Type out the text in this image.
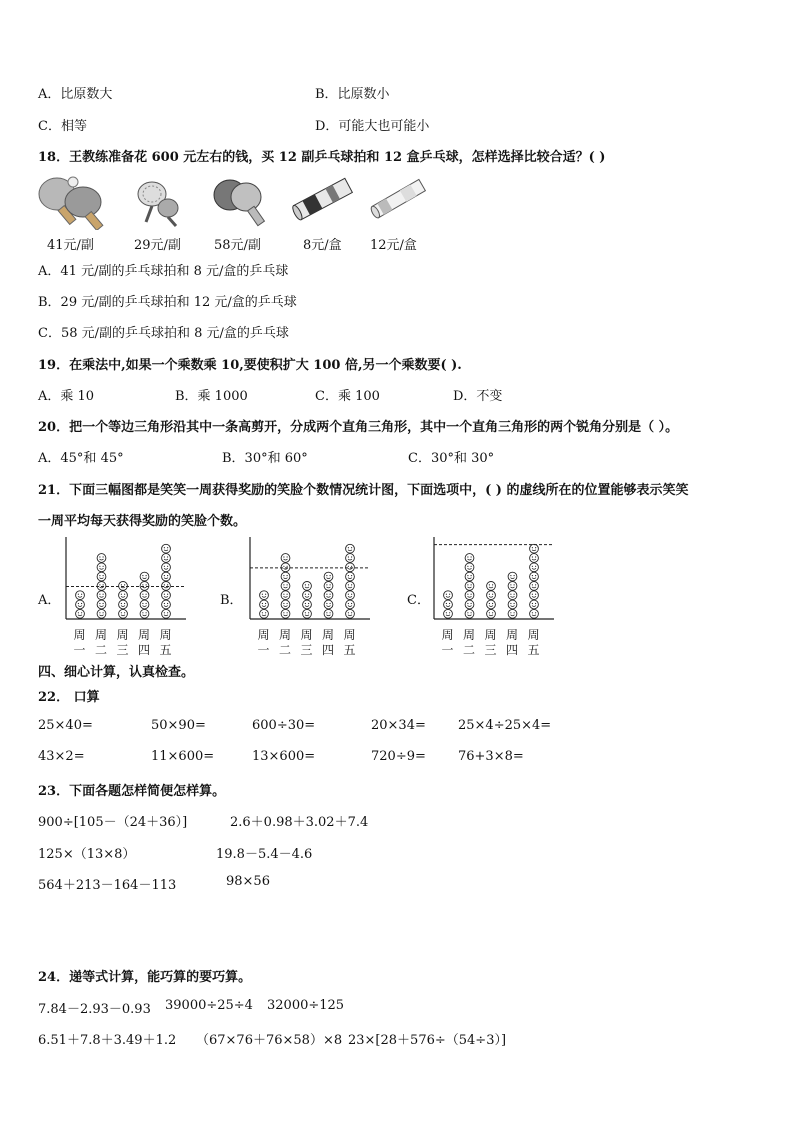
A．比原数大	B．比原数小
C．相等	D．可能大也可能小
18．王教练准备花 600 元左右的钱，买 12 副乒乓球拍和 12 盒乒乓球，怎样选择比较合适？( )
41元/副	29元/副	58元/副	8元/盒 12元/盒
A．41 元/副的乒乓球拍和 8 元/盒的乒乓球
B．29 元/副的乒乓球拍和 12 元/盒的乒乓球
C．58 元/副的乒乓球拍和 8 元/盒的乒乓球
19．在乘法中,如果一个乘数乘 10,要使积扩大 100 倍,另一个乘数要( ).
A．乘 10	B．乘 1000	C．乘 100	D．不变
20．把一个等边三角形沿其中一条高剪开，分成两个直角三角形，其中一个直角三角形的两个锐角分别是（ ）。
A．45°和 45°	B．30°和 60°	C．30°和 30°
21．下面三幅图都是笑笑一周获得奖励的笑脸个数情况统计图，下面选项中，( ) 的虚线所在的位置能够表示笑笑
一周平均每天获得奖励的笑脸个数。
A．	B．	C．
周
一
周
二
周
三
周
四
周
五
周
一
周
二
周
三
周
四
周
五
周
一
周
二
周
三
周
四
周
五
四、细心计算，认真检查。
22． 口算
25×40=	50×90=	600÷30=	20×34= 25×4÷25×4=
43×2=	11×600=	13×600=	720÷9= 76+3×8=
23．下面各题怎样简便怎样算。
900÷[105－（24＋36）]	2.6＋0.98＋3.02＋7.4
125×（13×8）	19.8－5.4－4.6
564＋213－164－113	98×56
24．递等式计算，能巧算的要巧算。
7.84－2.93－0.93 39000÷25÷4 32000÷125
6.51＋7.8＋3.49＋1.2 （67×76＋76×58）×8 23×[28＋576÷（54÷3）]
